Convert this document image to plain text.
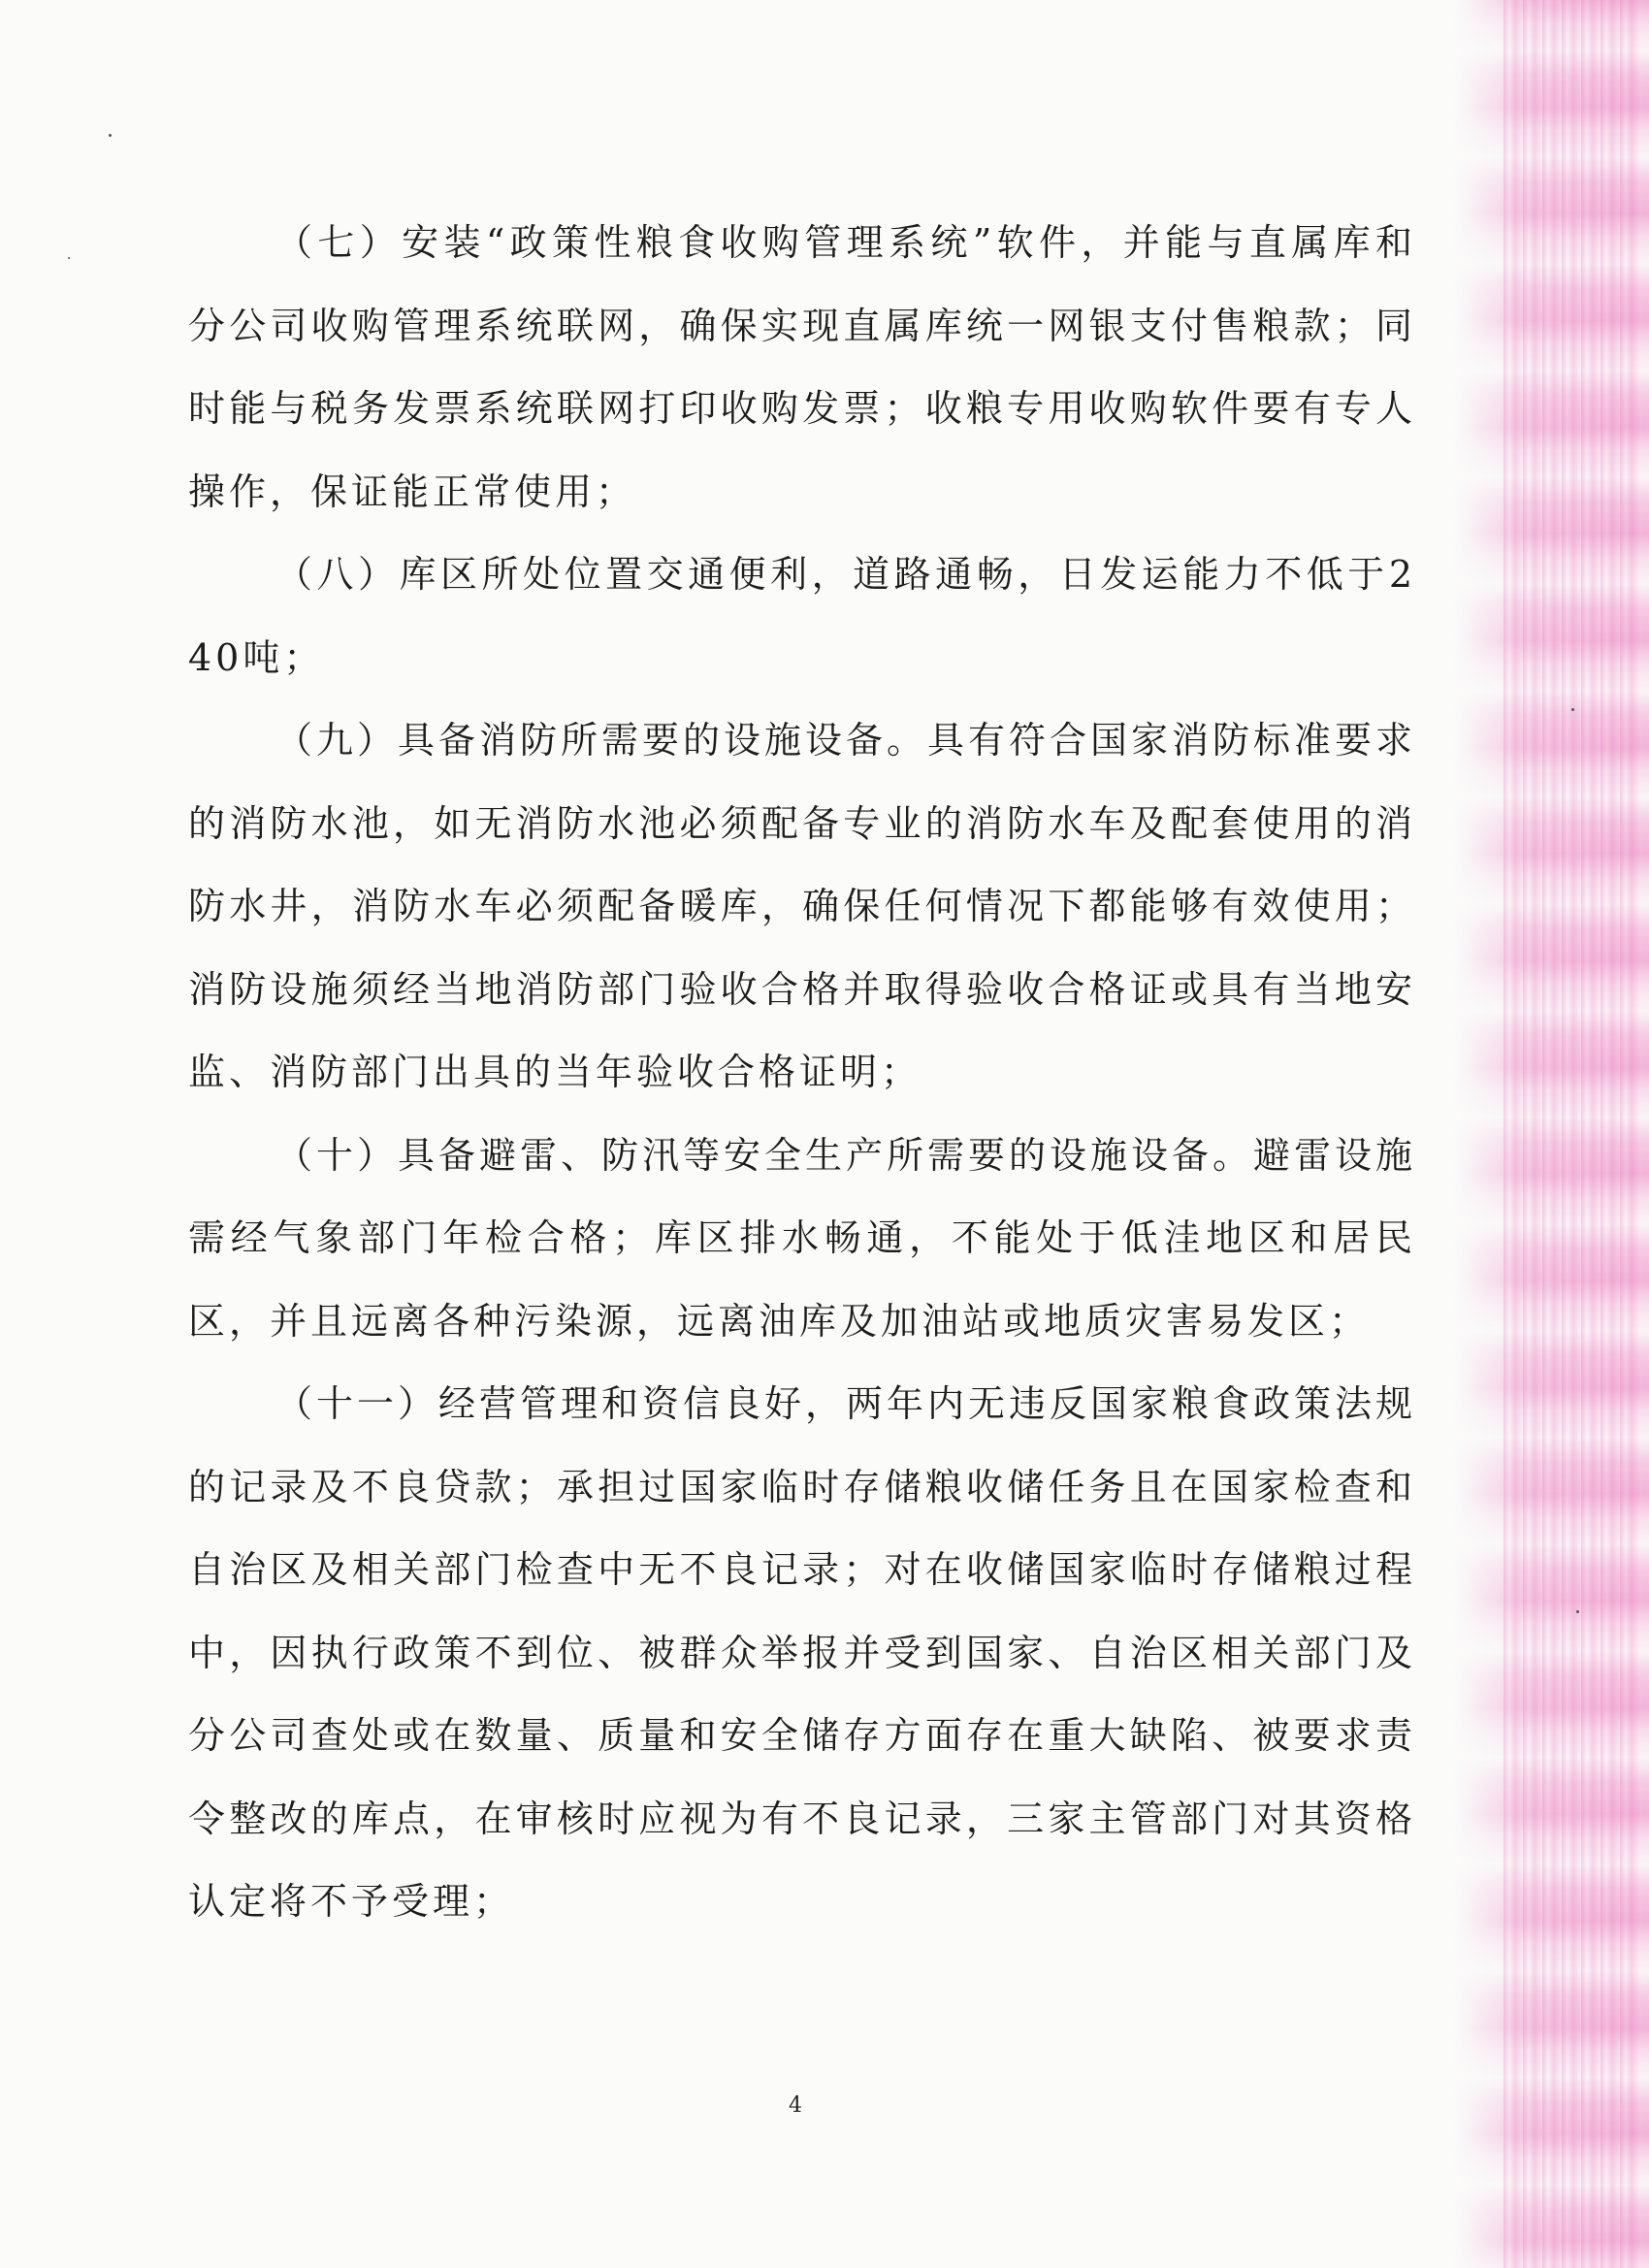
（七）安装“政策性粮食收购管理系统”软件，并能与直属库和分公司收购管理系统联网，确保实现直属库统一网银支付售粮款；同时能与税务发票系统联网打印收购发票；收粮专用收购软件要有专人操作，保证能正常使用；

（八）库区所处位置交通便利，道路通畅，日发运能力不低于240吨；

（九）具备消防所需要的设施设备。具有符合国家消防标准要求的消防水池，如无消防水池必须配备专业的消防水车及配套使用的消防水井，消防水车必须配备暖库，确保任何情况下都能够有效使用；消防设施须经当地消防部门验收合格并取得验收合格证或具有当地安监、消防部门出具的当年验收合格证明；

（十）具备避雷、防汛等安全生产所需要的设施设备。避雷设施需经气象部门年检合格；库区排水畅通，不能处于低洼地区和居民区，并且远离各种污染源，远离油库及加油站或地质灾害易发区；

（十一）经营管理和资信良好，两年内无违反国家粮食政策法规的记录及不良贷款；承担过国家临时存储粮收储任务且在国家检查和自治区及相关部门检查中无不良记录；对在收储国家临时存储粮过程中，因执行政策不到位、被群众举报并受到国家、自治区相关部门及分公司查处或在数量、质量和安全储存方面存在重大缺陷、被要求责令整改的库点，在审核时应视为有不良记录，三家主管部门对其资格认定将不予受理；

4
